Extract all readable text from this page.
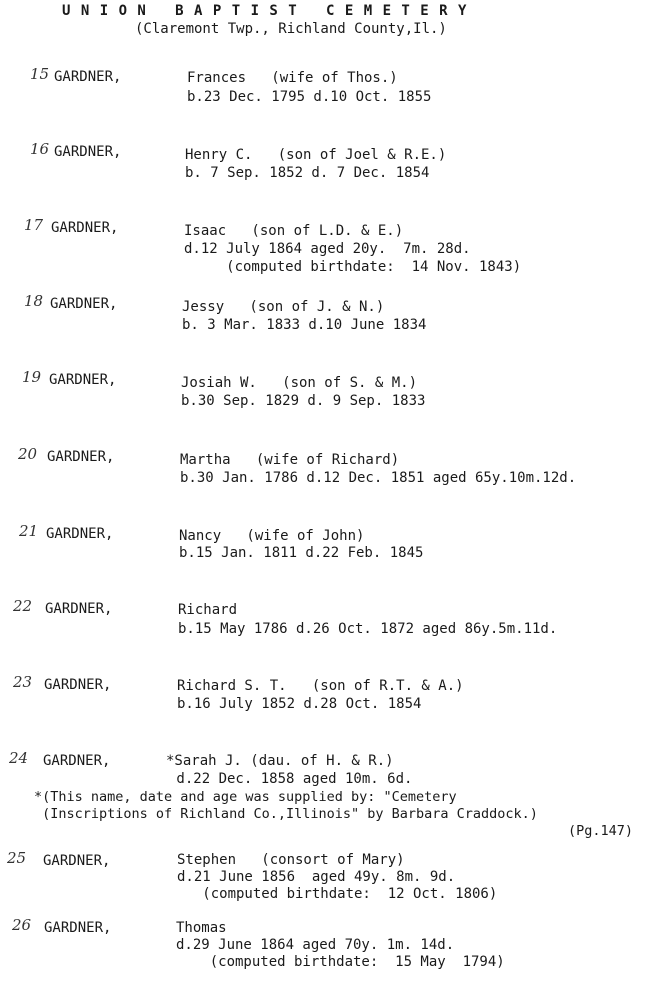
U N I O N   B A P T I S T   C E M E T E R Y
(Claremont Twp., Richland County,Il.)
15 GARDNER,	Frances   (wife of Thos.)
b.23 Dec. 1795 d.10 Oct. 1855
16 GARDNER,	Henry C.   (son of Joel & R.E.)
b. 7 Sep. 1852 d. 7 Dec. 1854
17 GARDNER,	Isaac   (son of L.D. & E.)
d.12 July 1864 aged 20y.  7m. 28d.
(computed birthdate:  14 Nov. 1843)
18 GARDNER,	Jessy   (son of J. & N.)
b. 3 Mar. 1833 d.10 June 1834
19 GARDNER,	Josiah W.   (son of S. & M.)
b.30 Sep. 1829 d. 9 Sep. 1833
20 GARDNER,	Martha   (wife of Richard)
b.30 Jan. 1786 d.12 Dec. 1851 aged 65y.10m.12d.
21 GARDNER,	Nancy   (wife of John)
b.15 Jan. 1811 d.22 Feb. 1845
22 GARDNER,	Richard
b.15 May 1786 d.26 Oct. 1872 aged 86y.5m.11d.
23 GARDNER,	Richard S. T.   (son of R.T. & A.)
b.16 July 1852 d.28 Oct. 1854
24 GARDNER,	*Sarah J. (dau. of H. & R.)
d.22 Dec. 1858 aged 10m. 6d.
*(This name, date and age was supplied by: "Cemetery
(Inscriptions of Richland Co.,Illinois" by Barbara Craddock.)
(Pg.147)
25 GARDNER,	Stephen   (consort of Mary)
d.21 June 1856  aged 49y. 8m. 9d.
(computed birthdate:  12 Oct. 1806)
26 GARDNER,	Thomas
d.29 June 1864 aged 70y. 1m. 14d.
(computed birthdate:  15 May  1794)
